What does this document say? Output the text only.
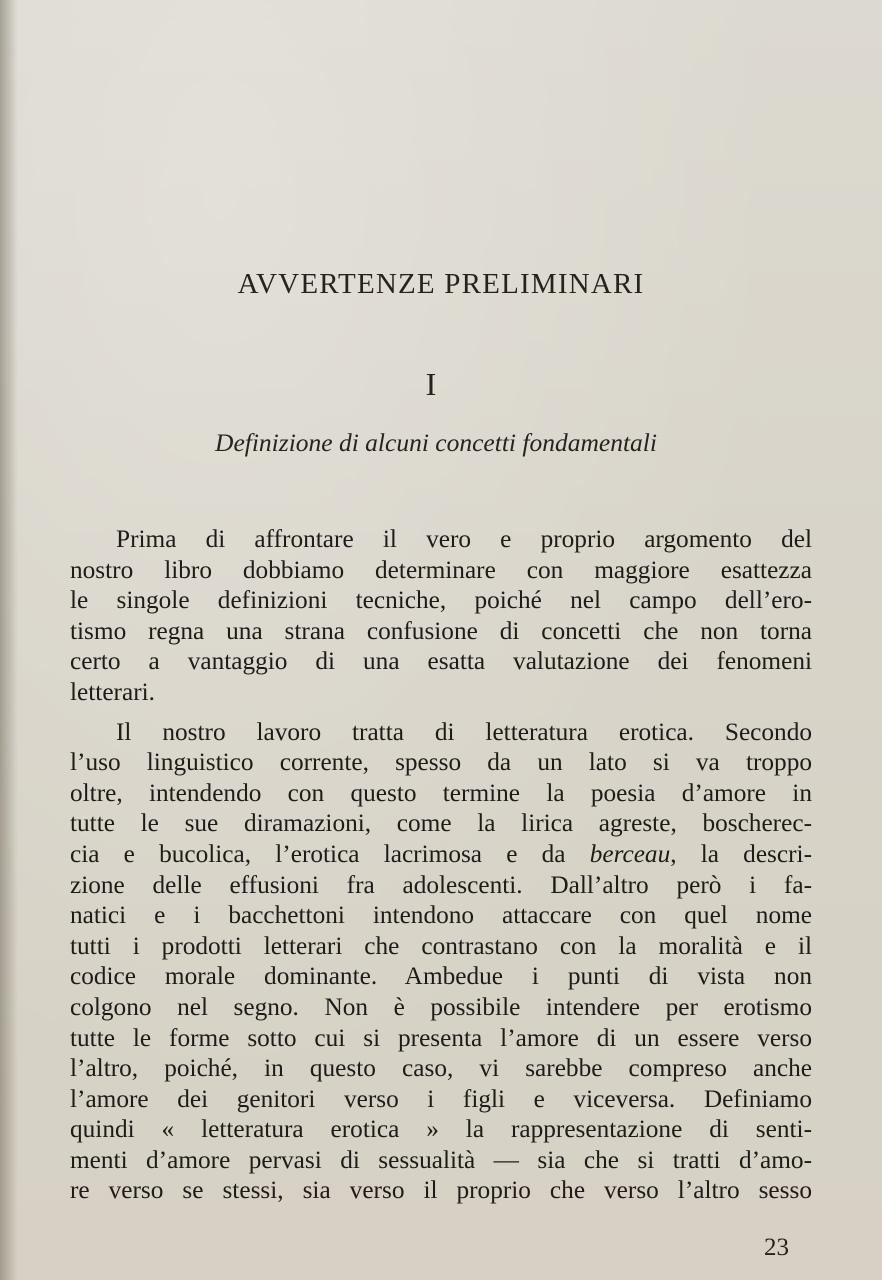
AVVERTENZE PRELIMINARI
I
Definizione di alcuni concetti fondamentali
Prima di affrontare il vero e proprio argomento del
nostro libro dobbiamo determinare con maggiore esattezza
le singole definizioni tecniche, poiché nel campo dell’ero-
tismo regna una strana confusione di concetti che non torna
certo a vantaggio di una esatta valutazione dei fenomeni
letterari.
Il nostro lavoro tratta di letteratura erotica. Secondo
l’uso linguistico corrente, spesso da un lato si va troppo
oltre, intendendo con questo termine la poesia d’amore in
tutte le sue diramazioni, come la lirica agreste, boscherec-
cia e bucolica, l’erotica lacrimosa e da berceau, la descri-
zione delle effusioni fra adolescenti. Dall’altro però i fa-
natici e i bacchettoni intendono attaccare con quel nome
tutti i prodotti letterari che contrastano con la moralità e il
codice morale dominante. Ambedue i punti di vista non
colgono nel segno. Non è possibile intendere per erotismo
tutte le forme sotto cui si presenta l’amore di un essere verso
l’altro, poiché, in questo caso, vi sarebbe compreso anche
l’amore dei genitori verso i figli e viceversa. Definiamo
quindi « letteratura erotica » la rappresentazione di senti-
menti d’amore pervasi di sessualità — sia che si tratti d’amo-
re verso se stessi, sia verso il proprio che verso l’altro sesso
23
